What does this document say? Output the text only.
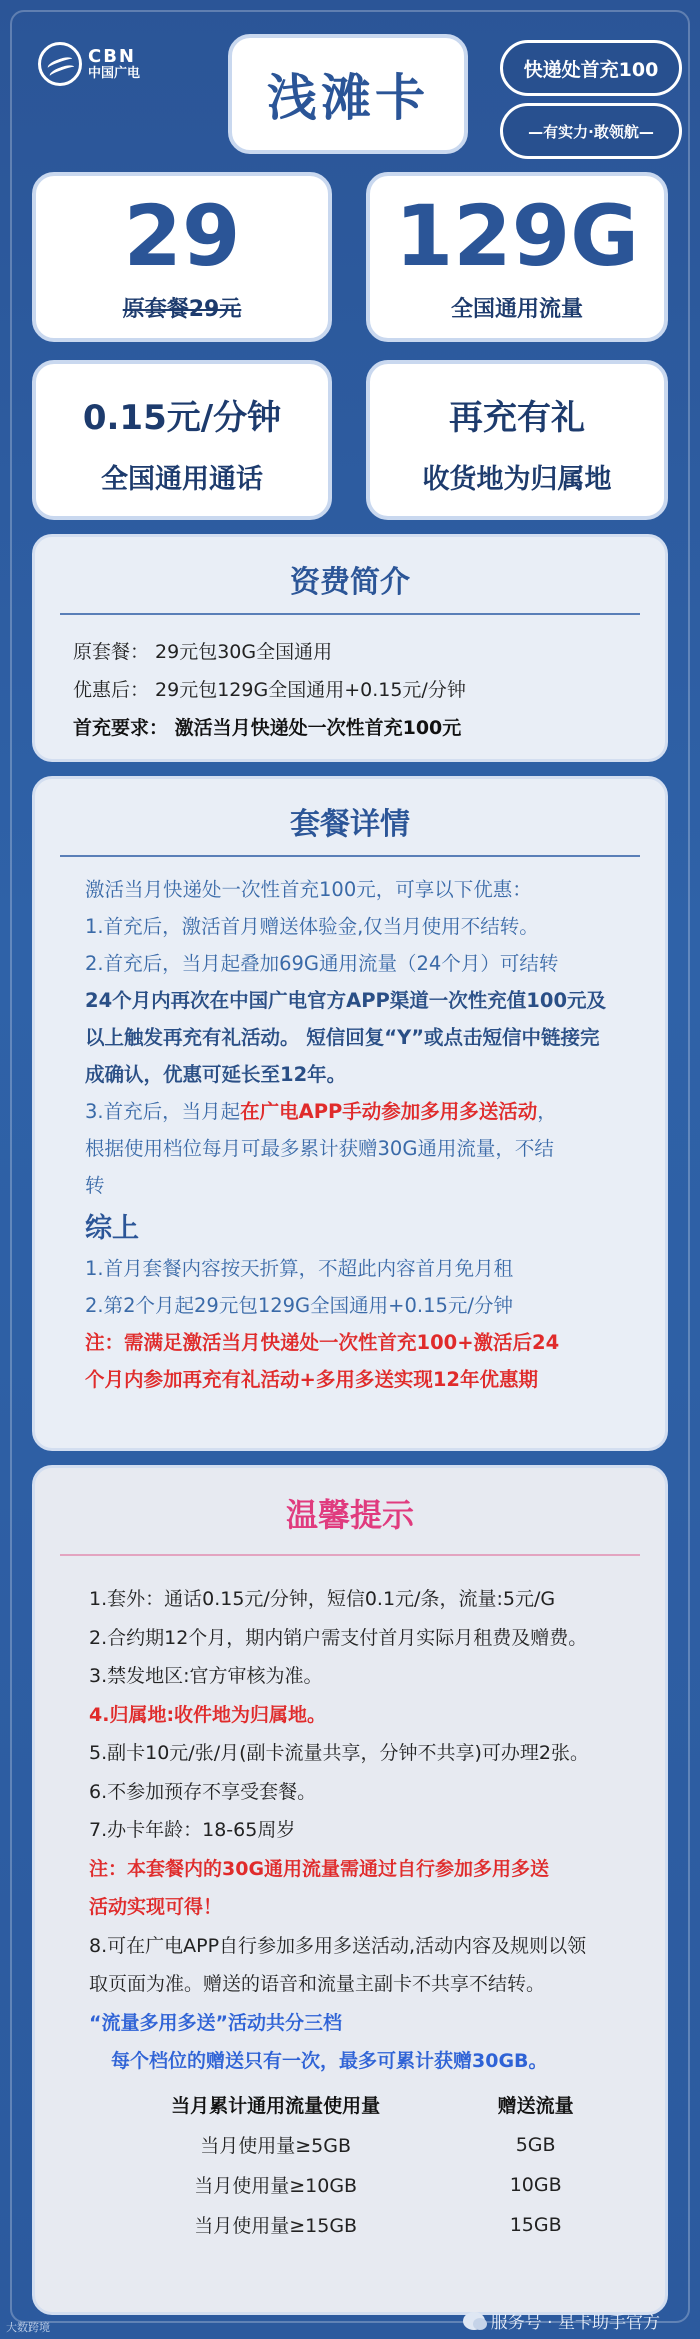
CBN
中国广电	浅滩卡	快递处首充100
—有实力·敢领航—
29
原套餐29元
129G
全国通用流量
0.15元/分钟
全国通用通话
再充有礼
收货地为归属地
资费简介
原套餐： 29元包30G全国通用
优惠后： 29元包129G全国通用+0.15元/分钟
首充要求： 激活当月快递处一次性首充100元
套餐详情
激活当月快递处一次性首充100元，可享以下优惠：
1.首充后，激活首月赠送体验金,仅当月使用不结转。
2.首充后，当月起叠加69G通用流量（24个月）可结转
24个月内再次在中国广电官方APP渠道一次性充值100元及
以上触发再充有礼活动。 短信回复“Y”或点击短信中链接完
成确认，优惠可延长至12年。
3.首充后，当月起在广电APP手动参加多用多送活动，
根据使用档位每月可最多累计获赠30G通用流量，不结
转
综上
1.首月套餐内容按天折算，不超此内容首月免月租
2.第2个月起29元包129G全国通用+0.15元/分钟
注：需满足激活当月快递处一次性首充100+激活后24
个月内参加再充有礼活动+多用多送实现12年优惠期
温馨提示
1.套外：通话0.15元/分钟，短信0.1元/条，流量:5元/G
2.合约期12个月，期内销户需支付首月实际月租费及赠费。
3.禁发地区:官方审核为准。
4.归属地:收件地为归属地。
5.副卡10元/张/月(副卡流量共享，分钟不共享)可办理2张。
6.不参加预存不享受套餐。
7.办卡年龄：18-65周岁
注：本套餐内的30G通用流量需通过自行参加多用多送
活动实现可得！
8.可在广电APP自行参加多用多送活动,活动内容及规则以领
取页面为准。赠送的语音和流量主副卡不共享不结转。
“流量多用多送”活动共分三档
每个档位的赠送只有一次，最多可累计获赠30GB。
当月累计通用流量使用量	赠送流量
当月使用量≥5GB	5GB
当月使用量≥10GB	10GB
当月使用量≥15GB	15GB
服务号 · 星卡助手官方
大数跨境
